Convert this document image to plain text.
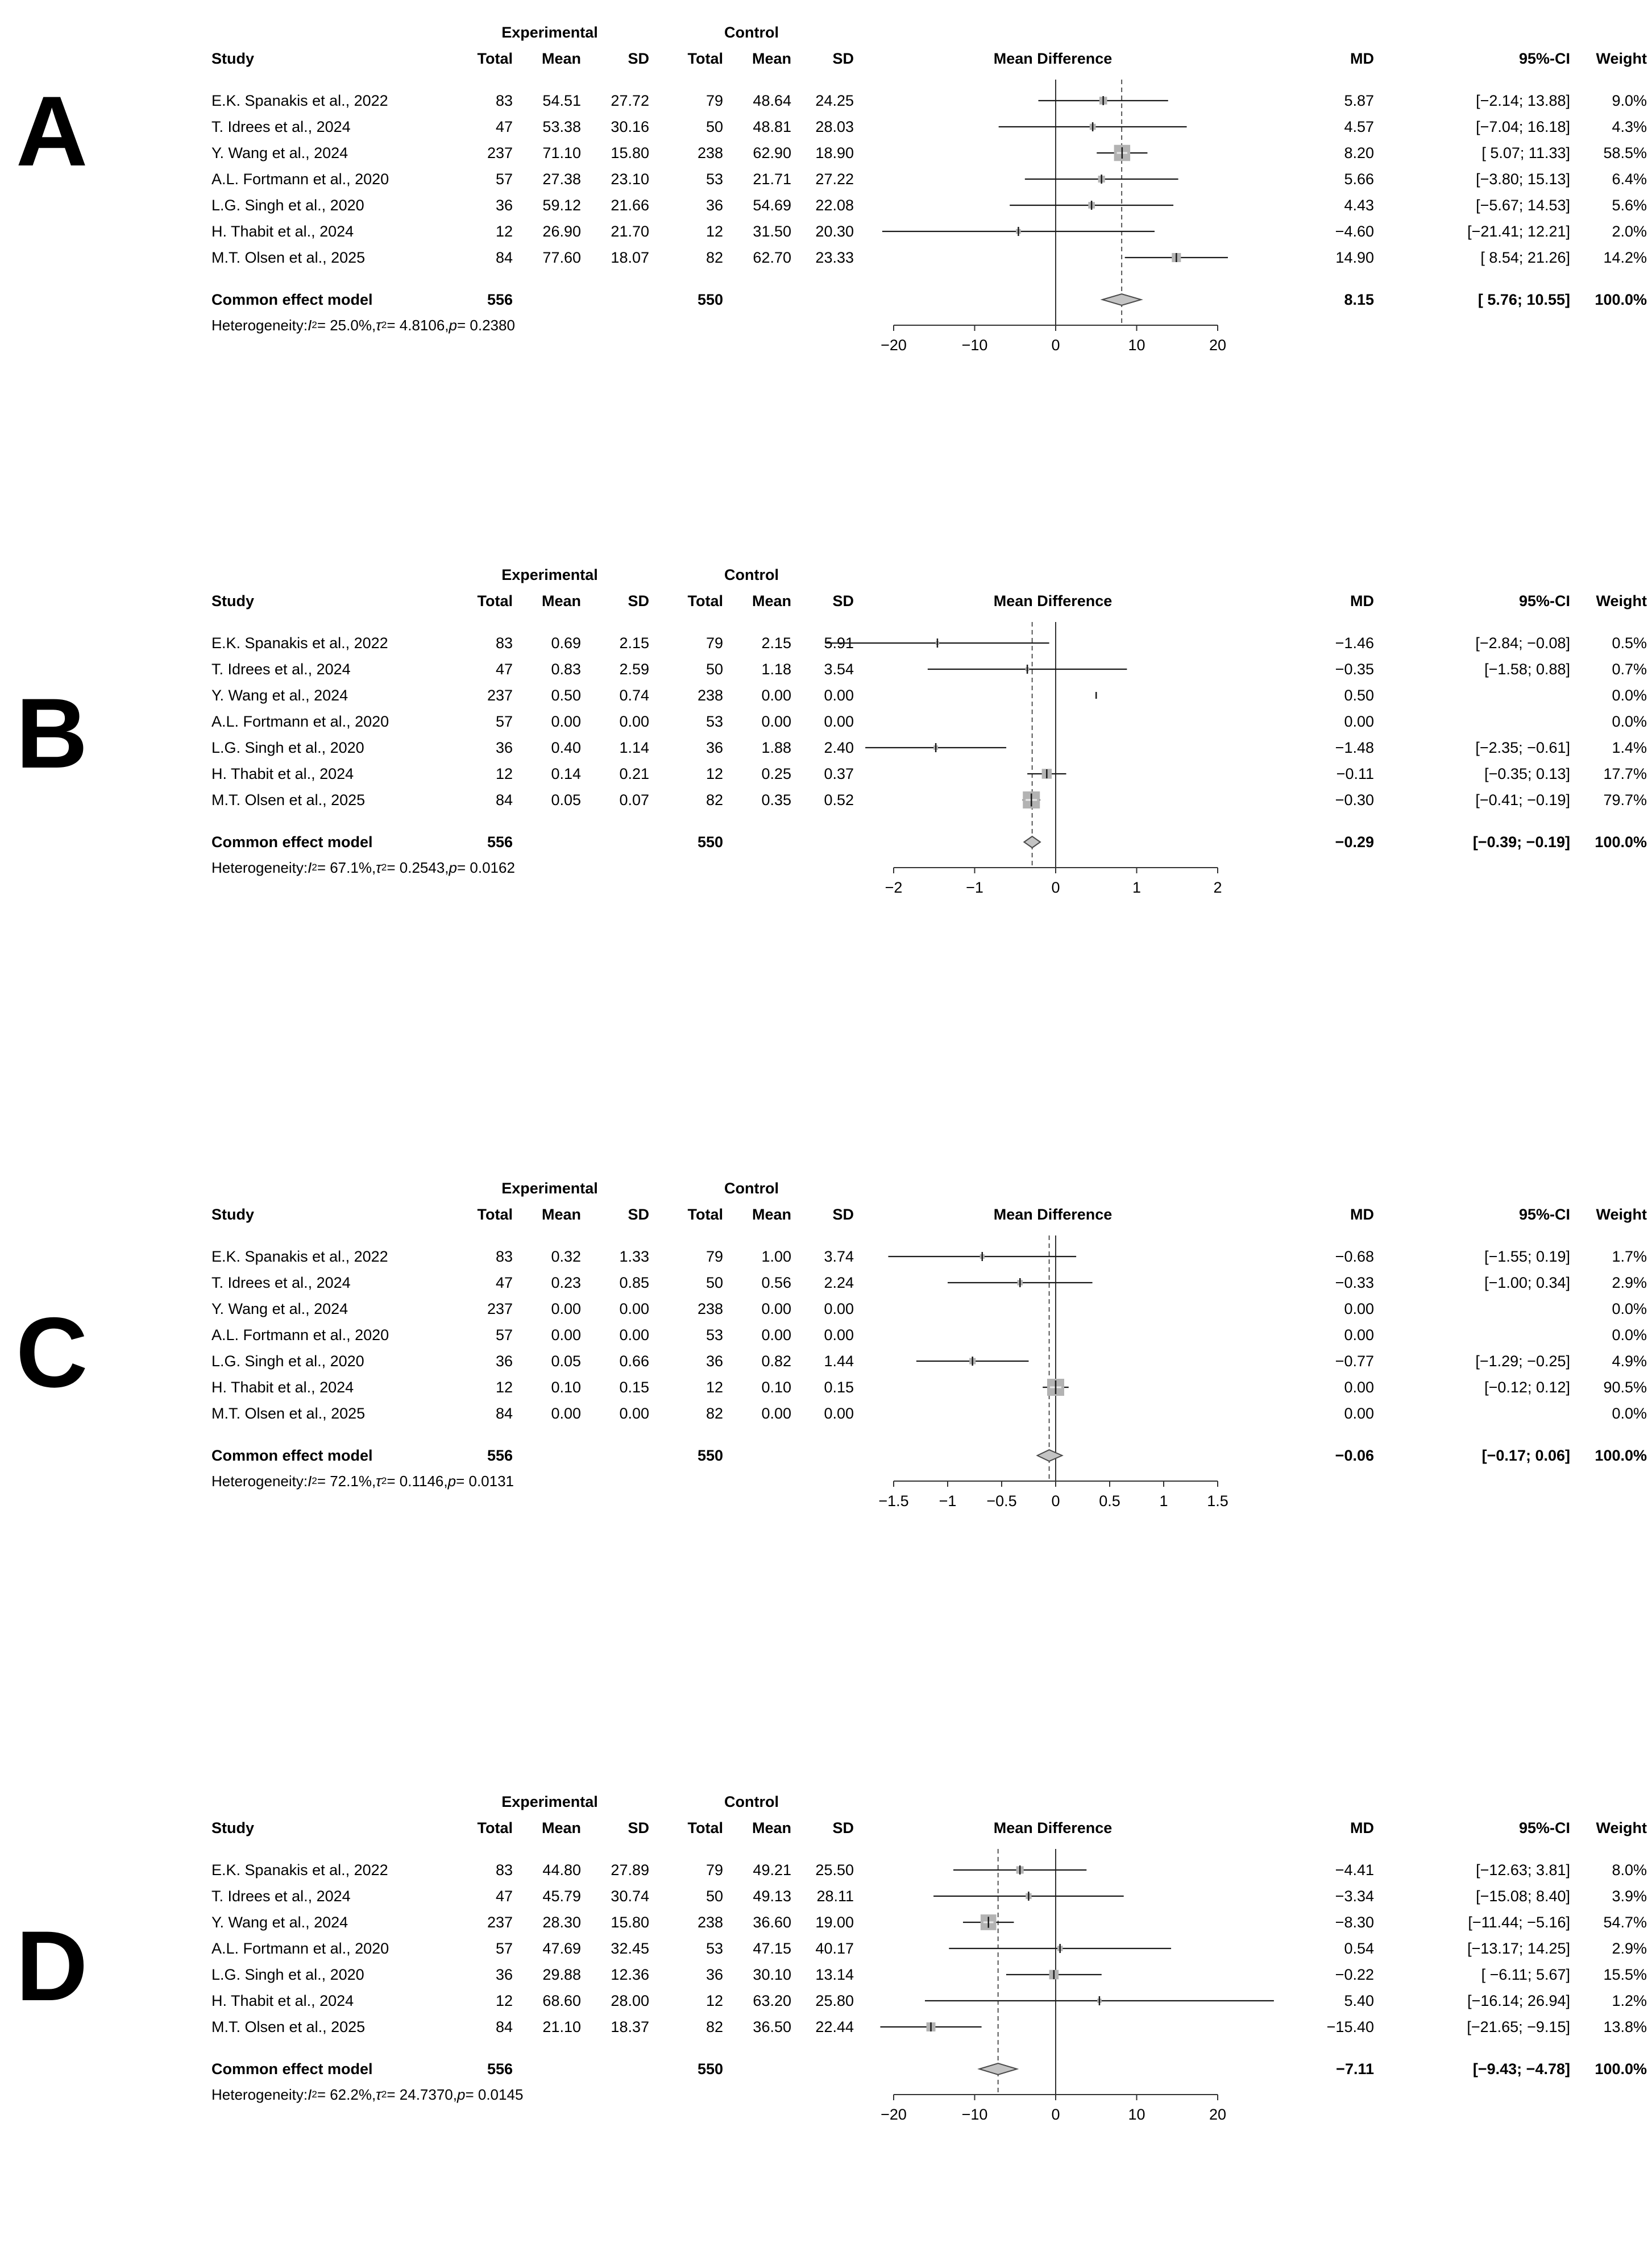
A
Experimental	Control
Study	Total	Mean	SD	Total	Mean	SD	Mean Difference	MD	95%-CI	Weight
E.K. Spanakis et al., 2022	83	54.51	27.72	79	48.64	24.25	5.87	[−2.14; 13.88]	9.0%
T. Idrees et al., 2024	47	53.38	30.16	50	48.81	28.03	4.57	[−7.04; 16.18]	4.3%
Y. Wang et al., 2024	237	71.10	15.80	238	62.90	18.90	8.20	[ 5.07; 11.33]	58.5%
A.L. Fortmann et al., 2020	57	27.38	23.10	53	21.71	27.22	5.66	[−3.80; 15.13]	6.4%
L.G. Singh et al., 2020	36	59.12	21.66	36	54.69	22.08	4.43	[−5.67; 14.53]	5.6%
H. Thabit et al., 2024	12	26.90	21.70	12	31.50	20.30	−4.60	[−21.41; 12.21]	2.0%
M.T. Olsen et al., 2025	84	77.60	18.07	82	62.70	23.33	14.90	[ 8.54; 21.26]	14.2%
Common effect model	556	550	8.15	[ 5.76; 10.55]	100.0%
Heterogeneity: I 2 = 25.0%, τ 2 = 4.8106, p = 0.2380
−20	−10	0	10	20
B
Experimental	Control
Study	Total	Mean	SD	Total	Mean	SD	Mean Difference	MD	95%-CI	Weight
E.K. Spanakis et al., 2022	83	0.69	2.15	79	2.15	5.91	−1.46	[−2.84; −0.08]	0.5%
T. Idrees et al., 2024	47	0.83	2.59	50	1.18	3.54	−0.35	[−1.58; 0.88]	0.7%
Y. Wang et al., 2024	237	0.50	0.74	238	0.00	0.00	0.50	0.0%
A.L. Fortmann et al., 2020	57	0.00	0.00	53	0.00	0.00	0.00	0.0%
L.G. Singh et al., 2020	36	0.40	1.14	36	1.88	2.40	−1.48	[−2.35; −0.61]	1.4%
H. Thabit et al., 2024	12	0.14	0.21	12	0.25	0.37	−0.11	[−0.35; 0.13]	17.7%
M.T. Olsen et al., 2025	84	0.05	0.07	82	0.35	0.52	−0.30	[−0.41; −0.19]	79.7%
Common effect model	556	550	−0.29	[−0.39; −0.19]	100.0%
Heterogeneity: I 2 = 67.1%, τ 2 = 0.2543, p = 0.0162
−2	−1	0	1	2
C
Experimental	Control
Study	Total	Mean	SD	Total	Mean	SD	Mean Difference	MD	95%-CI	Weight
E.K. Spanakis et al., 2022	83	0.32	1.33	79	1.00	3.74	−0.68	[−1.55; 0.19]	1.7%
T. Idrees et al., 2024	47	0.23	0.85	50	0.56	2.24	−0.33	[−1.00; 0.34]	2.9%
Y. Wang et al., 2024	237	0.00	0.00	238	0.00	0.00	0.00	0.0%
A.L. Fortmann et al., 2020	57	0.00	0.00	53	0.00	0.00	0.00	0.0%
L.G. Singh et al., 2020	36	0.05	0.66	36	0.82	1.44	−0.77	[−1.29; −0.25]	4.9%
H. Thabit et al., 2024	12	0.10	0.15	12	0.10	0.15	0.00	[−0.12; 0.12]	90.5%
M.T. Olsen et al., 2025	84	0.00	0.00	82	0.00	0.00	0.00	0.0%
Common effect model	556	550	−0.06	[−0.17; 0.06]	100.0%
Heterogeneity: I 2 = 72.1%, τ 2 = 0.1146, p = 0.0131
−1.5 −1 −0.5 0	0.5	1	1.5
D
Experimental	Control
Study	Total	Mean	SD	Total	Mean	SD	Mean Difference	MD	95%-CI	Weight
E.K. Spanakis et al., 2022	83	44.80	27.89	79	49.21	25.50	−4.41	[−12.63; 3.81]	8.0%
T. Idrees et al., 2024	47	45.79	30.74	50	49.13	28.11	−3.34	[−15.08; 8.40]	3.9%
Y. Wang et al., 2024	237	28.30	15.80	238	36.60	19.00	−8.30	[−11.44; −5.16]	54.7%
A.L. Fortmann et al., 2020	57	47.69	32.45	53	47.15	40.17	0.54	[−13.17; 14.25]	2.9%
L.G. Singh et al., 2020	36	29.88	12.36	36	30.10	13.14	−0.22	[ −6.11; 5.67]	15.5%
H. Thabit et al., 2024	12	68.60	28.00	12	63.20	25.80	5.40	[−16.14; 26.94]	1.2%
M.T. Olsen et al., 2025	84	21.10	18.37	82	36.50	22.44	−15.40	[−21.65; −9.15]	13.8%
Common effect model	556	550	−7.11	[−9.43; −4.78]	100.0%
Heterogeneity: I 2 = 62.2%, τ 2 = 24.7370, p = 0.0145
−20	−10	0	10	20
